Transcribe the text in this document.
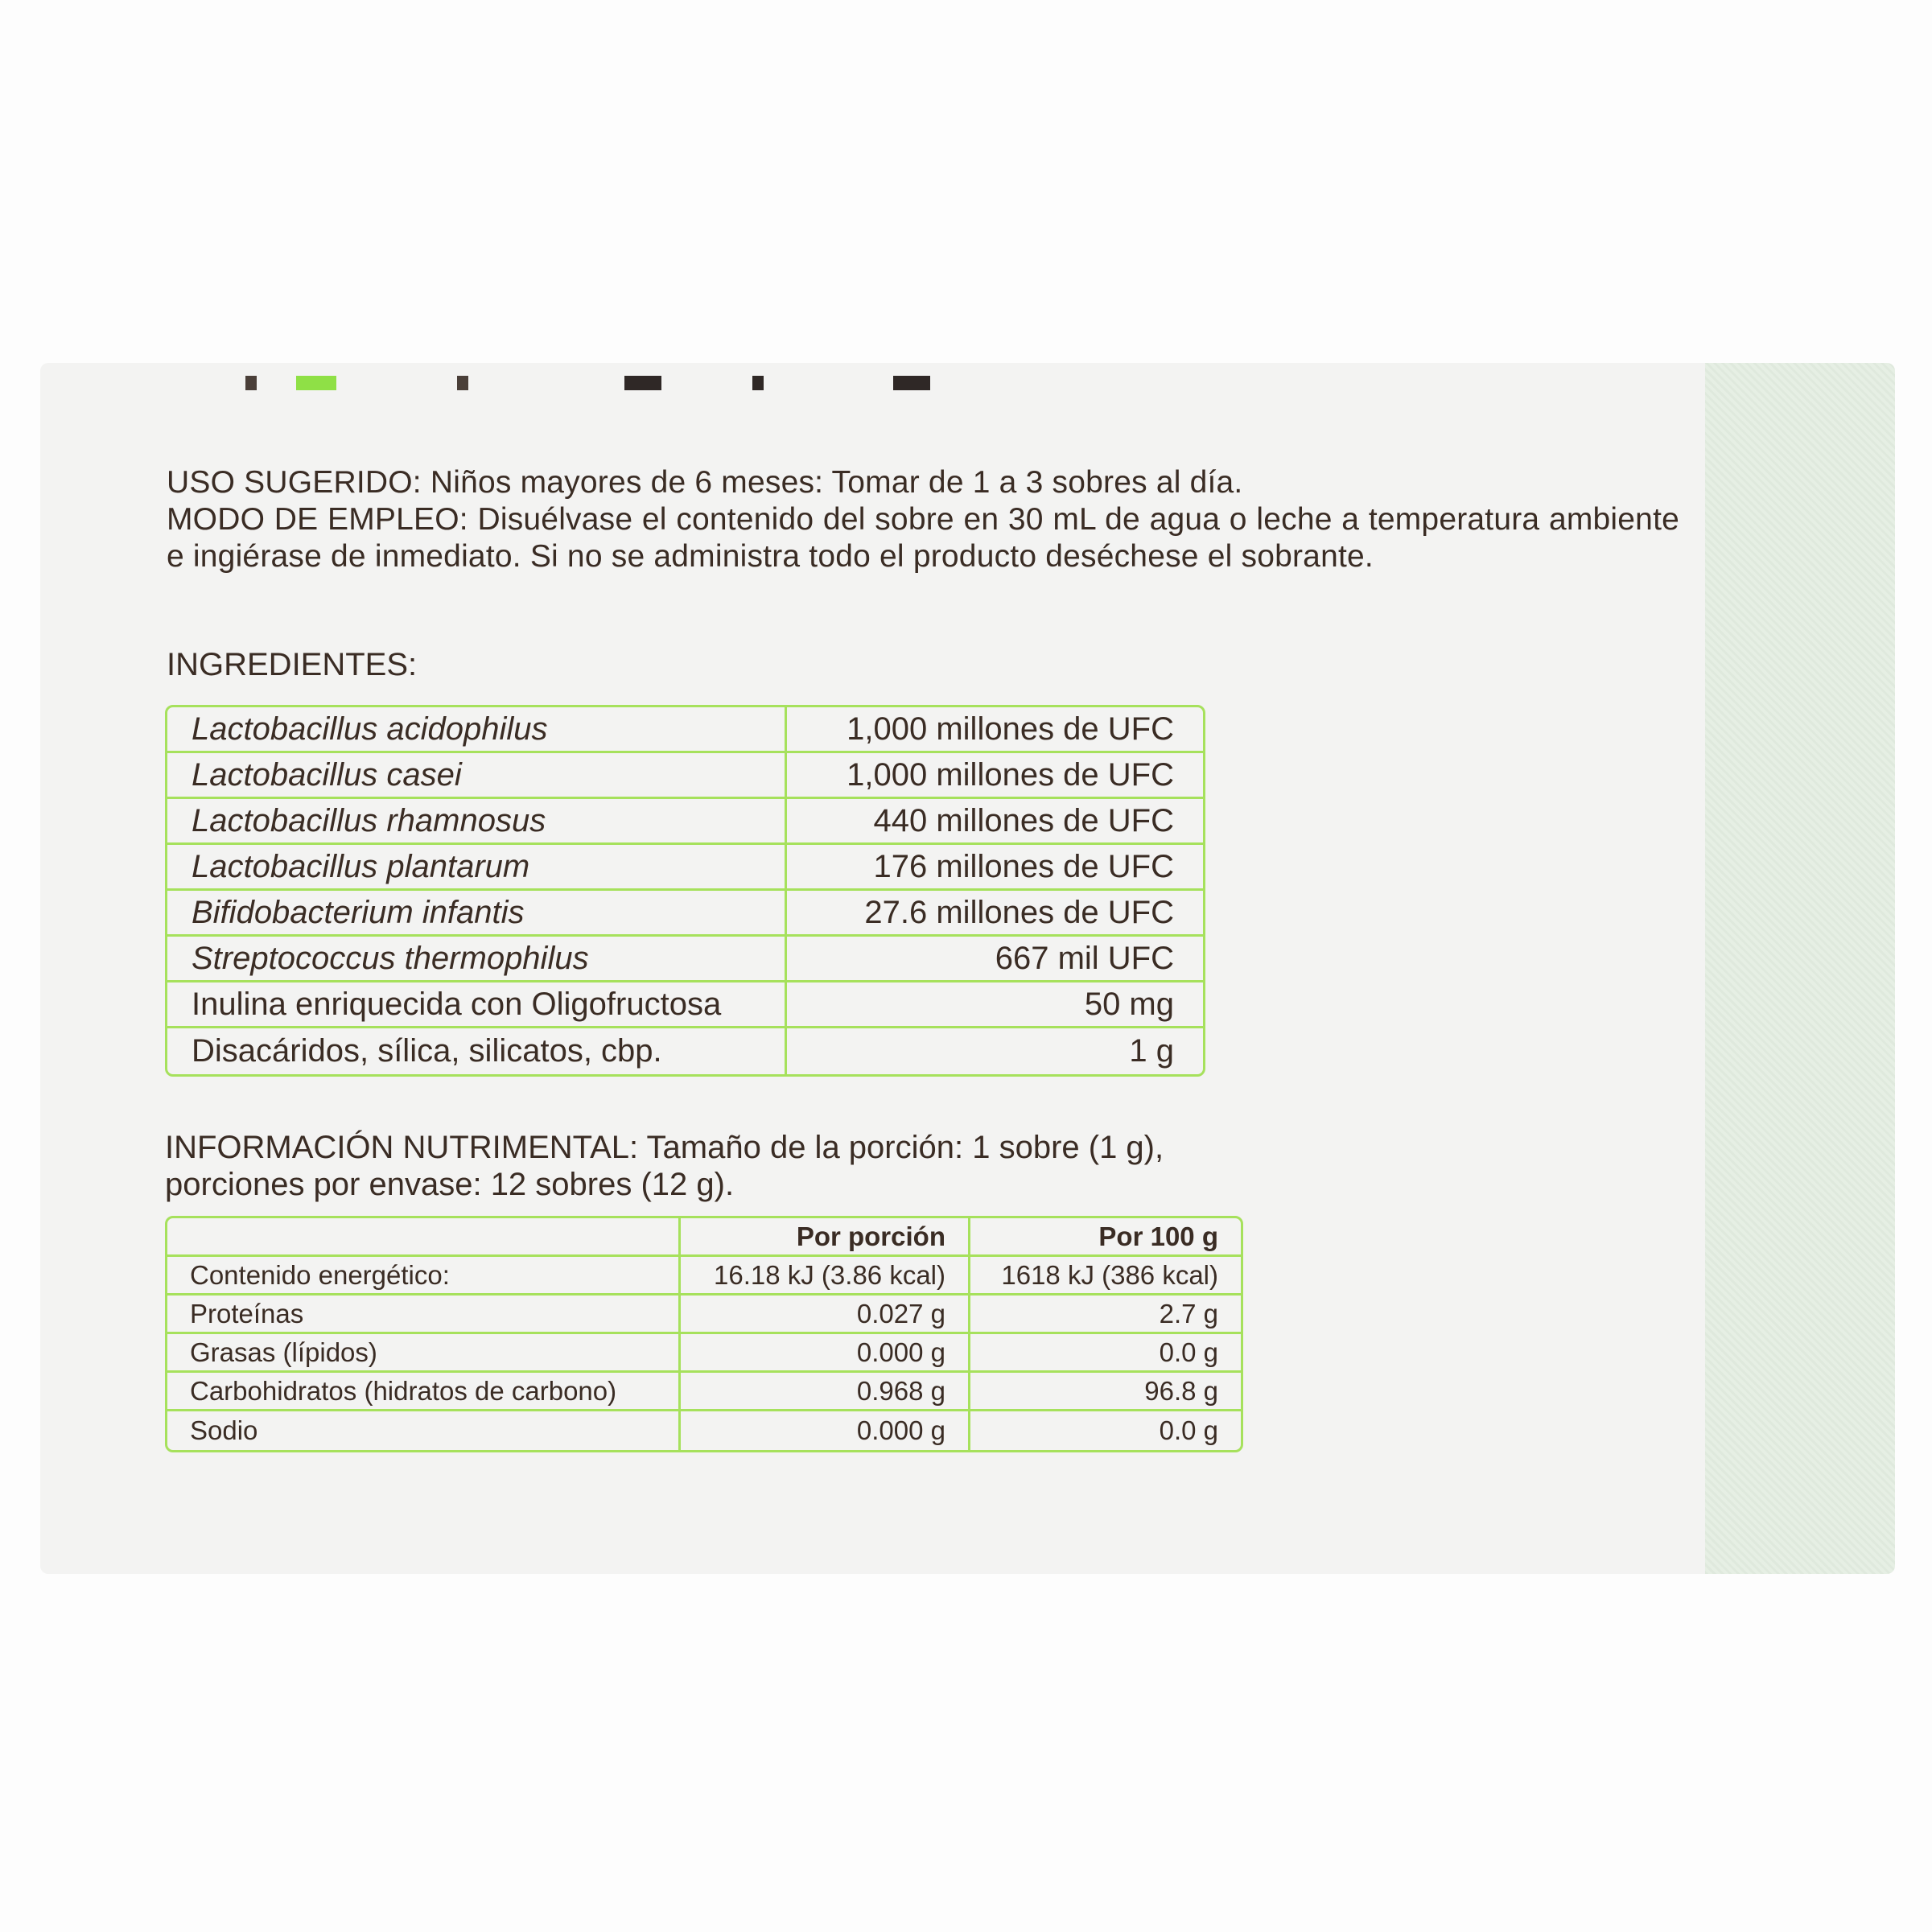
USO SUGERIDO: Niños mayores de 6 meses: Tomar de 1 a 3 sobres al día.

MODO DE EMPLEO: Disuélvase el contenido del sobre en 30 mL de agua o leche a temperatura ambiente e ingiérase de inmediato. Si no se administra todo el producto deséchese el sobrante.

INGREDIENTES:
Lactobacillus acidophilus	1,000 millones de UFC
Lactobacillus casei	1,000 millones de UFC
Lactobacillus rhamnosus	440 millones de UFC
Lactobacillus plantarum	176 millones de UFC
Bifidobacterium infantis	27.6 millones de UFC
Streptococcus thermophilus	667 mil UFC
Inulina enriquecida con Oligofructosa	50 mg
Disacáridos, sílica, silicatos, cbp.	1 g
INFORMACIÓN NUTRIMENTAL: Tamaño de la porción: 1 sobre (1 g),
porciones por envase: 12 sobres (12 g).
	Por porción	Por 100 g
Contenido energético:	16.18 kJ (3.86 kcal)	1618 kJ (386 kcal)
Proteínas	0.027 g	2.7 g
Grasas (lípidos)	0.000 g	0.0 g
Carbohidratos (hidratos de carbono)	0.968 g	96.8 g
Sodio	0.000 g	0.0 g
